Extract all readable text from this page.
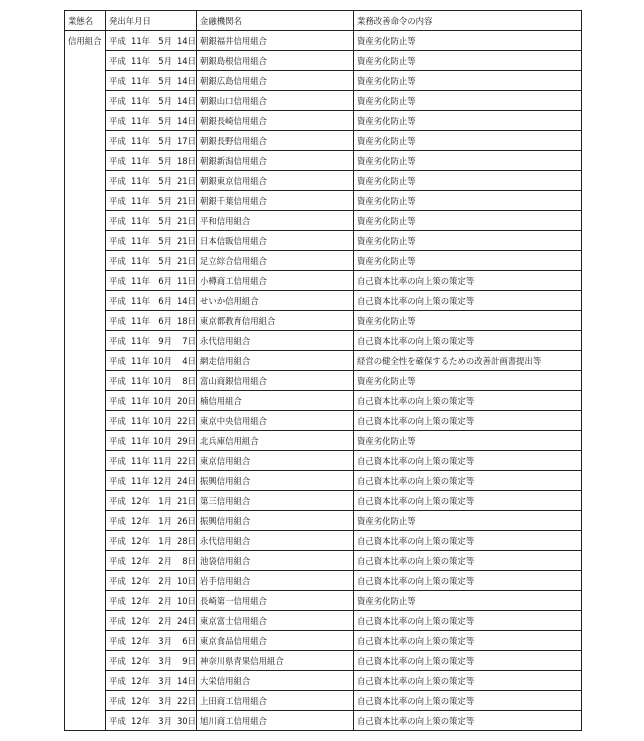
業態名	発出年月日	金融機関名	業務改善命令の内容
信用組合	平成 11年 5月 14日	朝銀福井信用組合	資産劣化防止等
	平成 11年 5月 14日	朝銀島根信用組合	資産劣化防止等
	平成 11年 5月 14日	朝銀広島信用組合	資産劣化防止等
	平成 11年 5月 14日	朝銀山口信用組合	資産劣化防止等
	平成 11年 5月 14日	朝銀長崎信用組合	資産劣化防止等
	平成 11年 5月 17日	朝銀長野信用組合	資産劣化防止等
	平成 11年 5月 18日	朝銀新潟信用組合	資産劣化防止等
	平成 11年 5月 21日	朝銀東京信用組合	資産劣化防止等
	平成 11年 5月 21日	朝銀千葉信用組合	資産劣化防止等
	平成 11年 5月 21日	平和信用組合	資産劣化防止等
	平成 11年 5月 21日	日本信販信用組合	資産劣化防止等
	平成 11年 5月 21日	足立綜合信用組合	資産劣化防止等
	平成 11年 6月 11日	小樽商工信用組合	自己資本比率の向上策の策定等
	平成 11年 6月 14日	せいか信用組合	自己資本比率の向上策の策定等
	平成 11年 6月 18日	東京都教育信用組合	資産劣化防止等
	平成 11年 9月 7日	永代信用組合	自己資本比率の向上策の策定等
	平成 11年 10月 4日	網走信用組合	経営の健全性を確保するための改善計画書提出等
	平成 11年 10月 8日	富山商銀信用組合	資産劣化防止等
	平成 11年 10月 20日	楠信用組合	自己資本比率の向上策の策定等
	平成 11年 10月 22日	東京中央信用組合	自己資本比率の向上策の策定等
	平成 11年 10月 29日	北兵庫信用組合	資産劣化防止等
	平成 11年 11月 22日	東京信用組合	自己資本比率の向上策の策定等
	平成 11年 12月 24日	振興信用組合	自己資本比率の向上策の策定等
	平成 12年 1月 21日	第三信用組合	自己資本比率の向上策の策定等
	平成 12年 1月 26日	振興信用組合	資産劣化防止等
	平成 12年 1月 28日	永代信用組合	自己資本比率の向上策の策定等
	平成 12年 2月 8日	池袋信用組合	自己資本比率の向上策の策定等
	平成 12年 2月 10日	岩手信用組合	自己資本比率の向上策の策定等
	平成 12年 2月 10日	長崎第一信用組合	資産劣化防止等
	平成 12年 2月 24日	東京富士信用組合	自己資本比率の向上策の策定等
	平成 12年 3月 6日	東京食品信用組合	自己資本比率の向上策の策定等
	平成 12年 3月 9日	神奈川県青果信用組合	自己資本比率の向上策の策定等
	平成 12年 3月 14日	大栄信用組合	自己資本比率の向上策の策定等
	平成 12年 3月 22日	上田商工信用組合	自己資本比率の向上策の策定等
	平成 12年 3月 30日	旭川商工信用組合	自己資本比率の向上策の策定等
